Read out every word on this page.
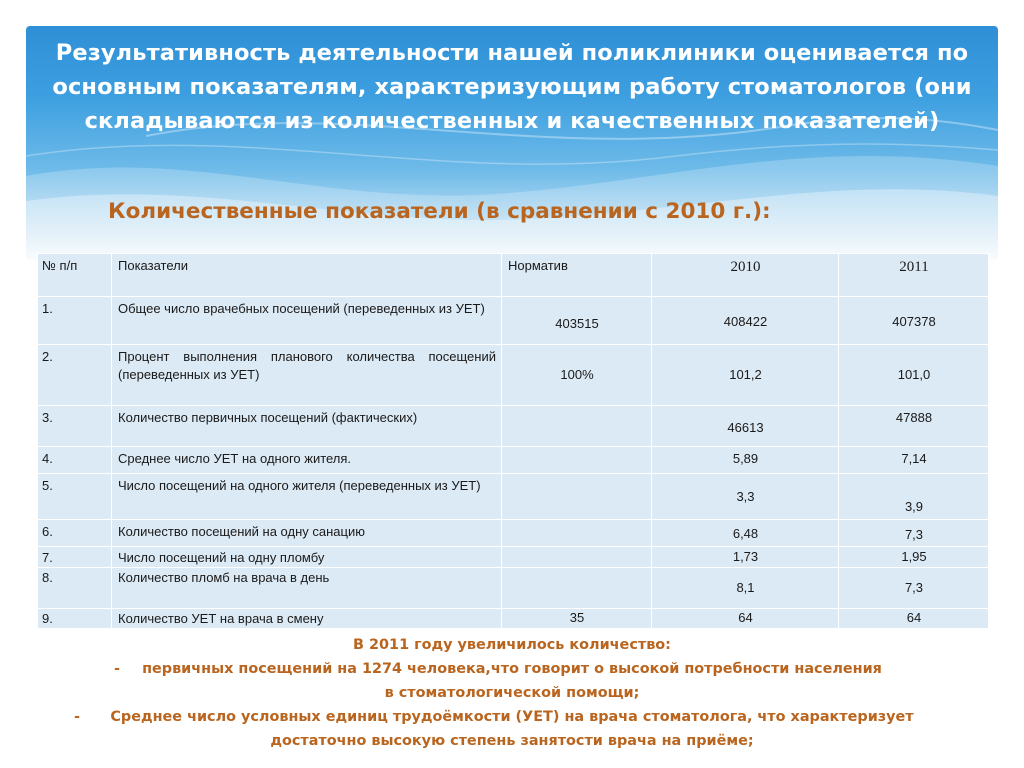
Результативность деятельности нашей поликлиники оценивается по основным показателям, характеризующим работу стоматологов (они складываются из количественных и качественных показателей)
Количественные показатели (в сравнении с 2010 г.):
№ п/п	Показатели	Норматив	2010	2011

1.	Общее число врачебных посещений (переведенных из УЕТ)	403515	408422	407378

2.	Процент выполнения планового количества посещений (переведенных из УЕТ)	100%	101,2	101,0

3.	Количество первичных посещений (фактических)		46613	47888

4.	Среднее число УЕТ на одного жителя.		5,89	7,14

5.	Число посещений на одного жителя (переведенных из УЕТ)		3,3	3,9

6.	Количество посещений на одну санацию		6,48	7,3

7.	Число посещений на одну пломбу		1,73	1,95

8.	Количество пломб на врача в день		8,1	7,3

9.	Количество УЕТ на врача в смену	35	64	64
В 2011 году увеличилось количество:
- первичных посещений на 1274 человека,что говорит о высокой потребности населения
в стоматологической помощи;
- Среднее число условных единиц трудоёмкости (УЕТ) на врача стоматолога, что характеризует
достаточно высокую степень занятости врача на приёме;
